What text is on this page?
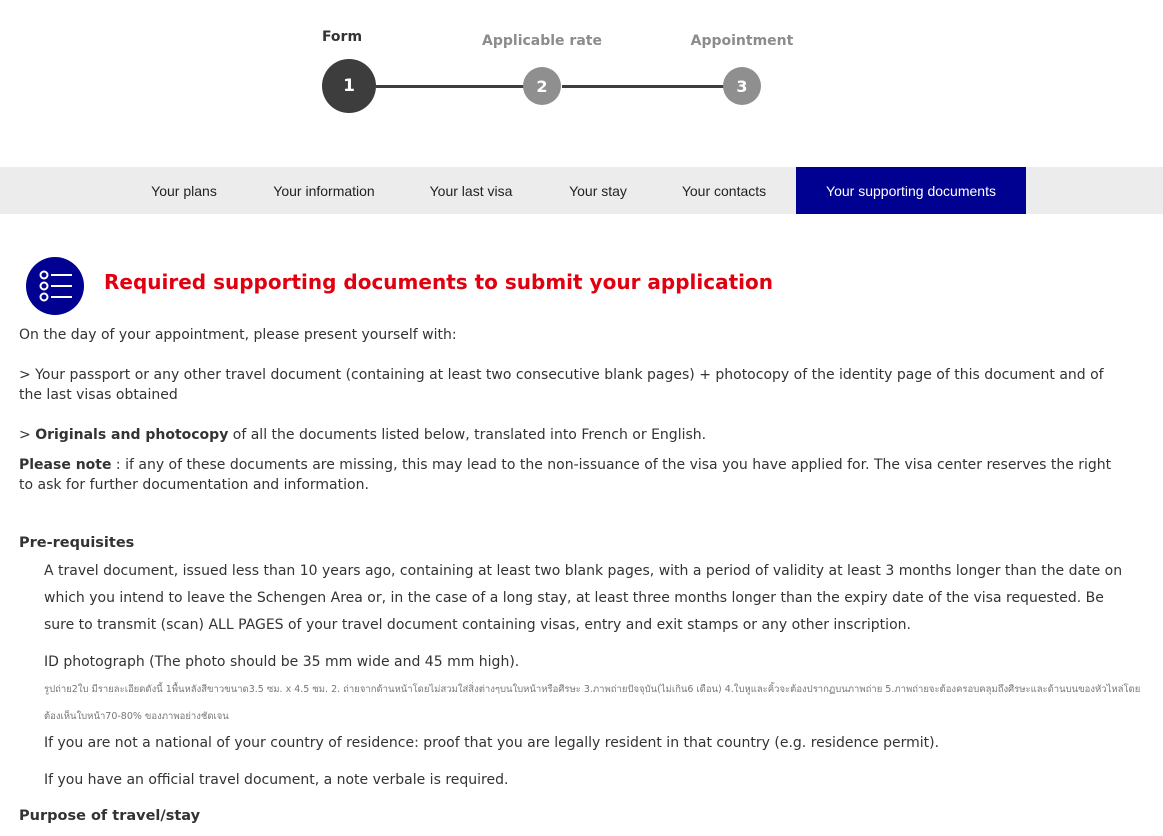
Form	Applicable rate	Appointment
1	2	3
Your plans	Your information	Your last visa	Your stay	Your contacts	Your supporting documents
Required supporting documents to submit your application
On the day of your appointment, please present yourself with:
> Your passport or any other travel document (containing at least two consecutive blank pages) + photocopy of the identity page of this document and of the last visas obtained
> Originals and photocopy of all the documents listed below, translated into French or English.
Please note : if any of these documents are missing, this may lead to the non-issuance of the visa you have applied for. The visa center reserves the right to ask for further documentation and information.
Pre-requisites
A travel document, issued less than 10 years ago, containing at least two blank pages, with a period of validity at least 3 months longer than the date on which you intend to leave the Schengen Area or, in the case of a long stay, at least three months longer than the expiry date of the visa requested. Be sure to transmit (scan) ALL PAGES of your travel document containing visas, entry and exit stamps or any other inscription.
ID photograph (The photo should be 35 mm wide and 45 mm high).
รูปถ่าย2ใบ มีรายละเอียดดังนี้ 1พื้นหลังสีขาวขนาด3.5 ซม. x 4.5 ซม. 2. ถ่ายจากด้านหน้าโดยไม่สวมใส่สิ่งต่างๆบนใบหน้าหรือศีรษะ 3.ภาพถ่ายปัจจุบัน(ไม่เกิน6 เดือน) 4.ใบหูและคิ้วจะต้องปรากฏบนภาพถ่าย 5.ภาพถ่ายจะต้องครอบคลุมถึงศีรษะและด้านบนของหัวไหล่โดยต้องเห็นใบหน้า70-80% ของภาพอย่างชัดเจน
If you are not a national of your country of residence: proof that you are legally resident in that country (e.g. residence permit).
If you have an official travel document, a note verbale is required.
Purpose of travel/stay
